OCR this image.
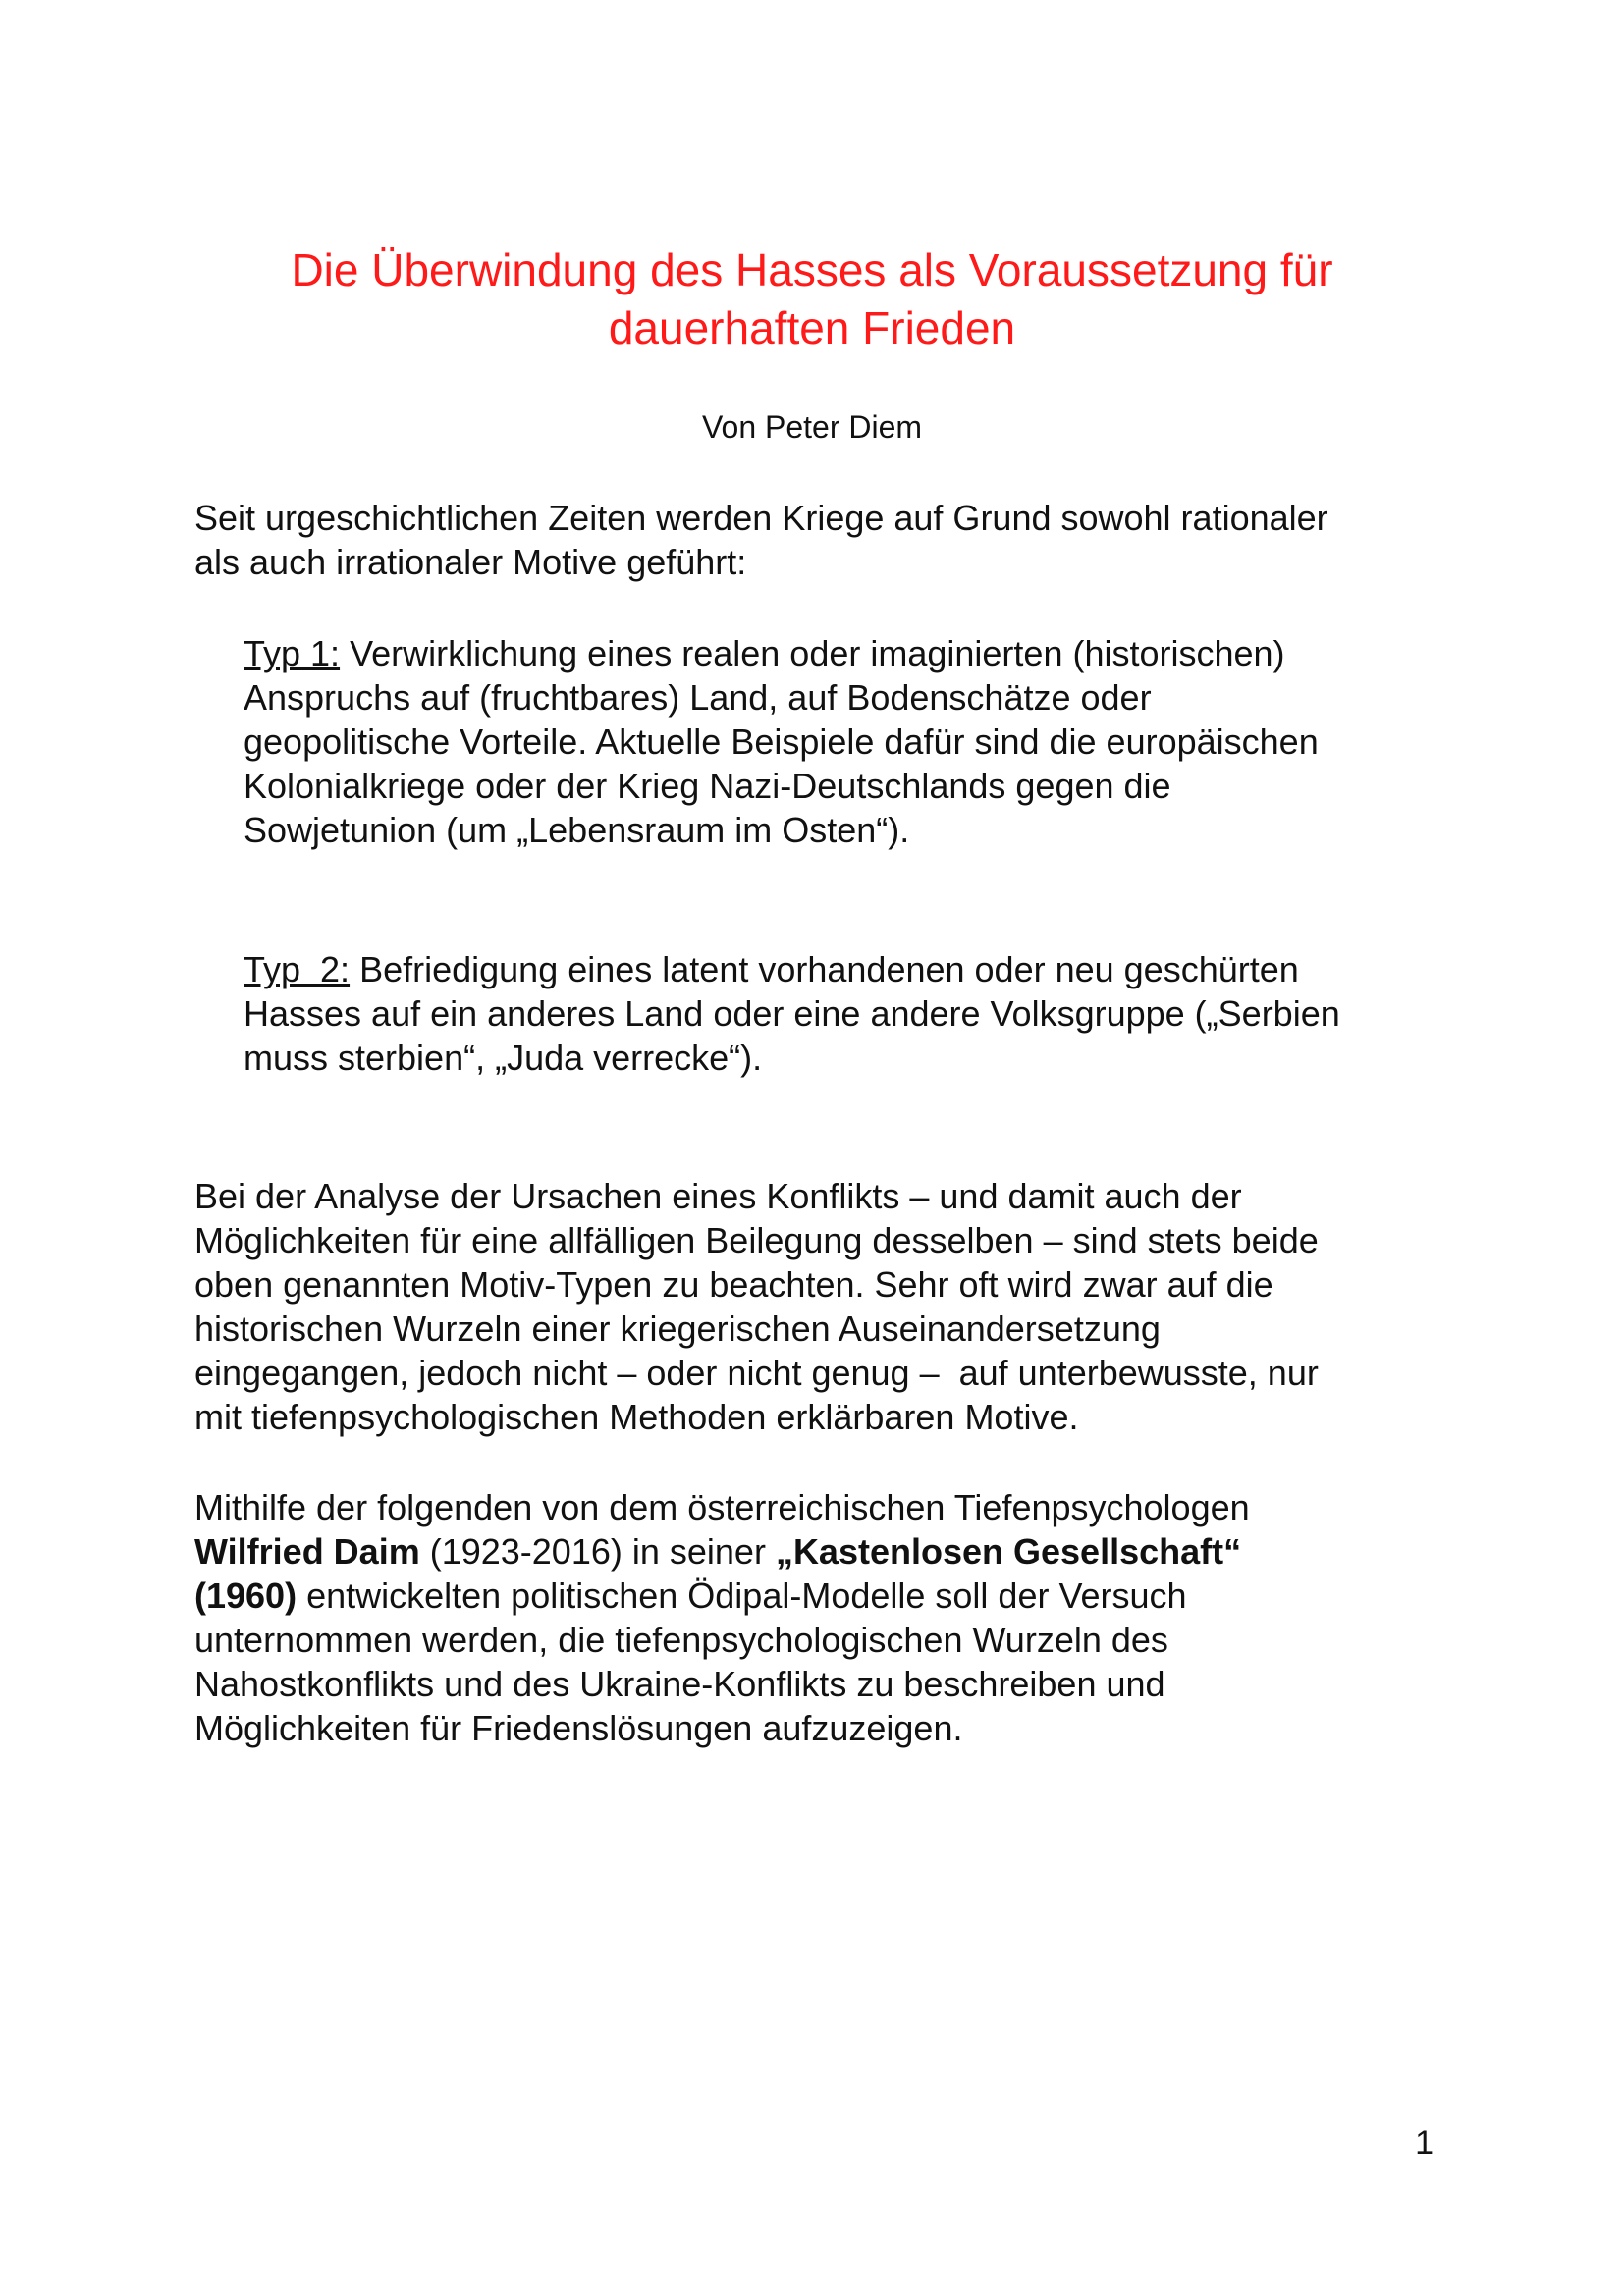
Die Überwindung des Hasses als Voraussetzung für
dauerhaften Frieden

Von Peter Diem

Seit urgeschichtlichen Zeiten werden Kriege auf Grund sowohl rationaler
als auch irrationaler Motive geführt:

Typ 1: Verwirklichung eines realen oder imaginierten (historischen)
Anspruchs auf (fruchtbares) Land, auf Bodenschätze oder
geopolitische Vorteile. Aktuelle Beispiele dafür sind die europäischen
Kolonialkriege oder der Krieg Nazi-Deutschlands gegen die
Sowjetunion (um „Lebensraum im Osten“).

Typ  2: Befriedigung eines latent vorhandenen oder neu geschürten
Hasses auf ein anderes Land oder eine andere Volksgruppe („Serbien
muss sterbien“, „Juda verrecke“).

Bei der Analyse der Ursachen eines Konflikts – und damit auch der
Möglichkeiten für eine allfälligen Beilegung desselben – sind stets beide
oben genannten Motiv-Typen zu beachten. Sehr oft wird zwar auf die
historischen Wurzeln einer kriegerischen Auseinandersetzung
eingegangen, jedoch nicht – oder nicht genug –  auf unterbewusste, nur
mit tiefenpsychologischen Methoden erklärbaren Motive.

Mithilfe der folgenden von dem österreichischen Tiefenpsychologen
Wilfried Daim (1923-2016) in seiner „Kastenlosen Gesellschaft“
(1960) entwickelten politischen Ödipal-Modelle soll der Versuch
unternommen werden, die tiefenpsychologischen Wurzeln des
Nahostkonflikts und des Ukraine-Konflikts zu beschreiben und
Möglichkeiten für Friedenslösungen aufzuzeigen.

1
